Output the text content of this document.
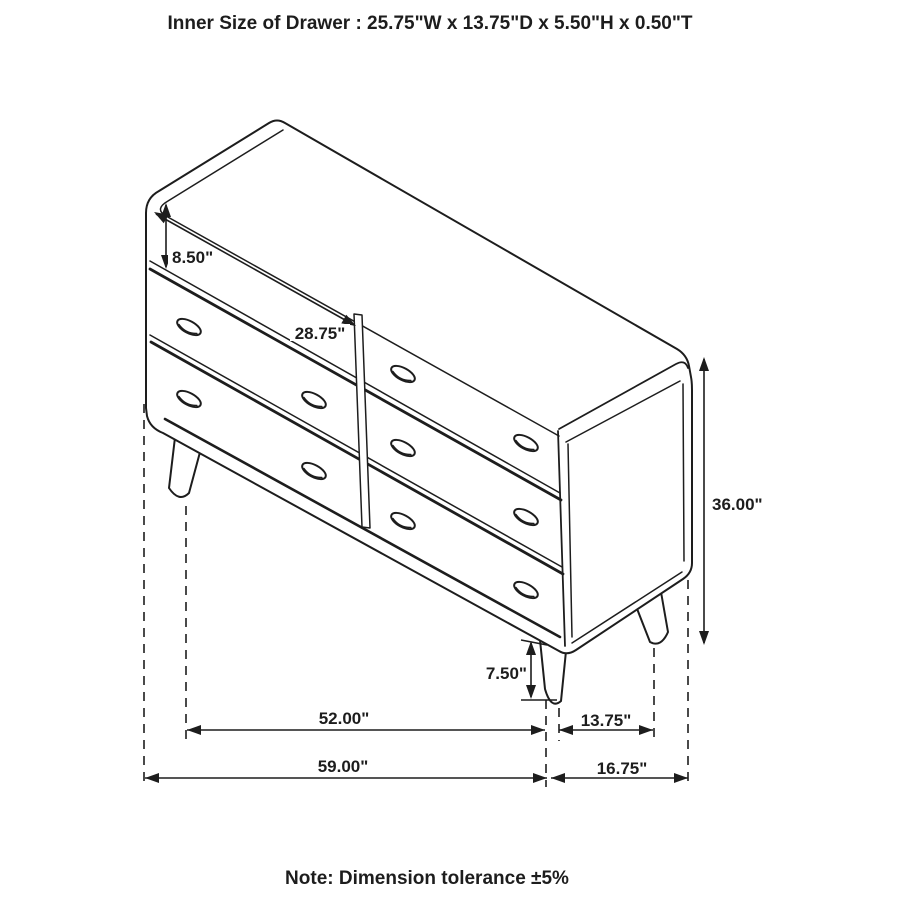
Inner Size of Drawer : 25.75"W x 13.75"D x 5.50"H x 0.50"T
8.50"
28.75"
36.00"
7.50"
52.00"	13.75"
59.00"	16.75"
Note: Dimension tolerance ±5%
